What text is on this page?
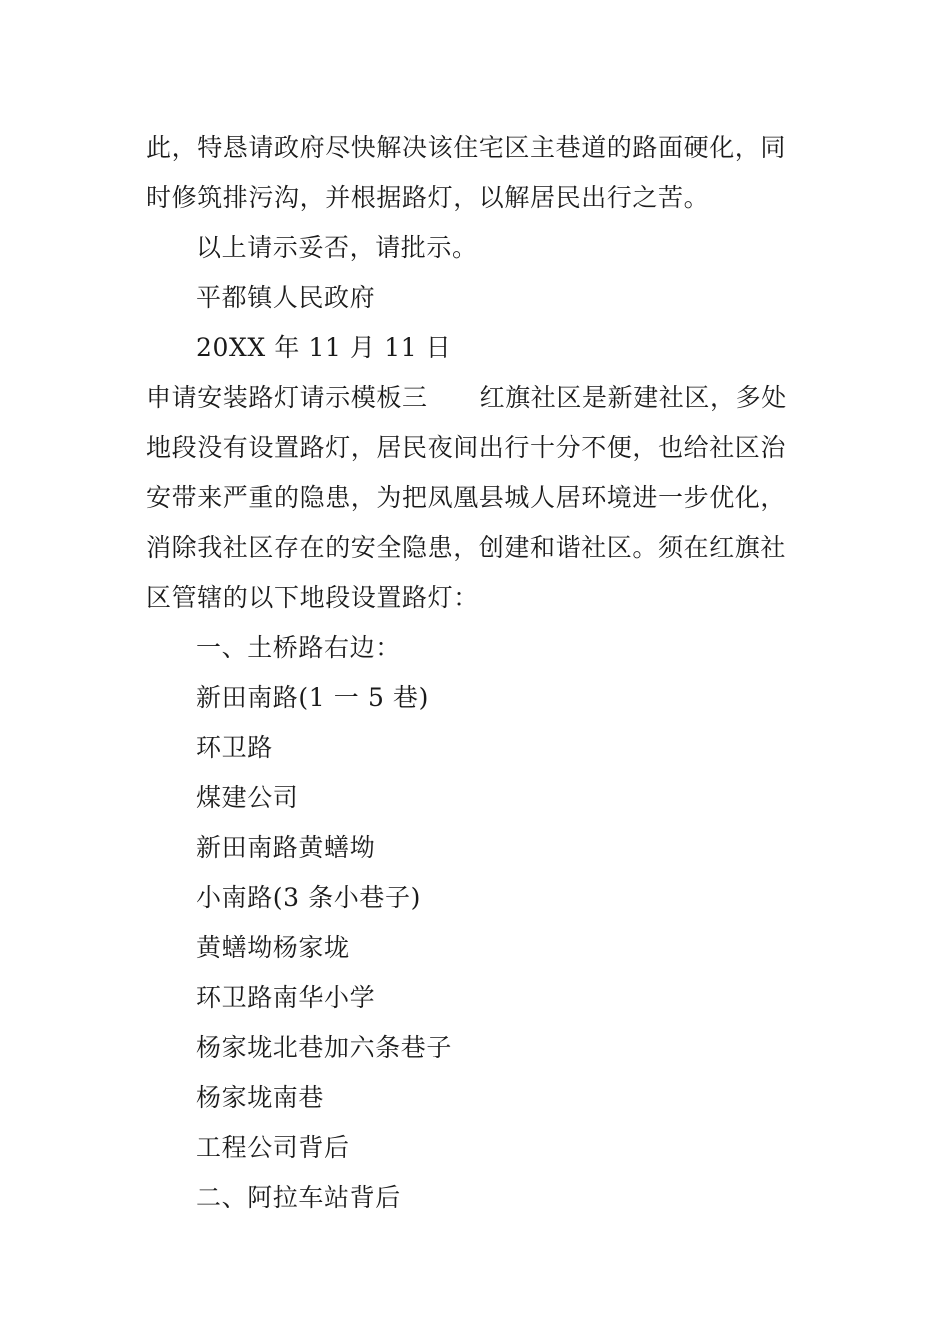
此，特恳请政府尽快解决该住宅区主巷道的路面硬化，同
时修筑排污沟，并根据路灯，以解居民出行之苦。
以上请示妥否，请批示。
平都镇人民政府
20XX 年 11 月 11 日
申请安装路灯请示模板三 红旗社区是新建社区，多处
地段没有设置路灯，居民夜间出行十分不便，也给社区治
安带来严重的隐患，为把凤凰县城人居环境进一步优化，
消除我社区存在的安全隐患，创建和谐社区。须在红旗社
区管辖的以下地段设置路灯：
一、土桥路右边：
新田南路(1 一 5 巷)
环卫路
煤建公司
新田南路黄蟮坳
小南路(3 条小巷子)
黄蟮坳杨家垅
环卫路南华小学
杨家垅北巷加六条巷子
杨家垅南巷
工程公司背后
二、阿拉车站背后
